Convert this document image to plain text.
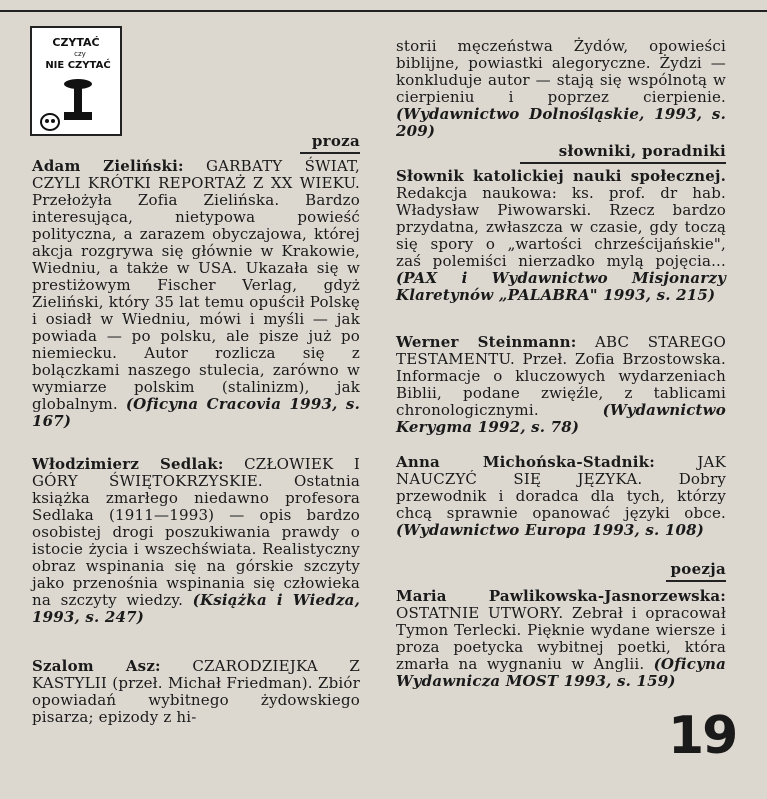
CZYTAĆ
czy
NIE CZYTAĆ
proza

Adam Zieliński: GARBATY ŚWIAT, CZYLI KRÓTKI REPORTAŻ Z XX WIEKU. Przełożyła Zofia Zielińska. Bardzo interesująca, nietypowa powieść polityczna, a zarazem obyczajowa, której akcja rozgrywa się głównie w Krakowie, Wiedniu, a także w USA. Ukazała się w prestiżowym Fischer Verlag, gdyż Zieliński, który 35 lat temu opuścił Polskę i osiadł w Wiedniu, mówi i myśli — jak powiada — po polsku, ale pisze już po niemiecku. Autor rozlicza się z bolączkami naszego stulecia, zarówno w wymiarze polskim (stalinizm), jak globalnym. (Oficyna Cracovia 1993, s. 167)

Włodzimierz Sedlak: CZŁOWIEK I GÓRY ŚWIĘTOKRZYSKIE. Ostatnia książka zmarłego niedawno profesora Sedlaka (1911—1993) — opis bardzo osobistej drogi poszukiwania prawdy o istocie życia i wszechświata. Realistyczny obraz wspinania się na górskie szczyty jako przenośnia wspinania się człowieka na szczyty wiedzy. (Książka i Wiedza, 1993, s. 247)

Szalom Asz: CZARODZIEJKA Z KASTYLII (przeł. Michał Friedman). Zbiór opowiadań wybitnego żydowskiego pisarza; epizody z hi-

storii męczeństwa Żydów, opowieści biblijne, powiastki alegoryczne. Żydzi — konkluduje autor — stają się wspólnotą w cierpieniu i poprzez cierpienie. (Wydawnictwo Dolnośląskie, 1993, s. 209)

słowniki, poradniki

Słownik katolickiej nauki społecznej. Redakcja naukowa: ks. prof. dr hab. Władysław Piwowarski. Rzecz bardzo przydatna, zwłaszcza w czasie, gdy toczą się spory o „wartości chrześcijańskie", zaś polemiści nierzadko mylą pojęcia... (PAX i Wydawnictwo Misjonarzy Klaretynów „PALABRA" 1993, s. 215)

Werner Steinmann: ABC STAREGO TESTAMENTU. Przeł. Zofia Brzostowska. Informacje o kluczowych wydarzeniach Biblii, podane zwięźle, z tablicami chronologicznymi.	(Wydawnictwo Kerygma 1992, s. 78)

Anna Michońska-Stadnik:	JAK NAUCZYĆ SIĘ JĘZYKA. Dobry przewodnik i doradca dla tych, którzy chcą sprawnie opanować języki obce. (Wydawnictwo Europa 1993, s. 108)

poezja

Maria Pawlikowska-Jasnorzewska: OSTATNIE UTWORY. Zebrał i opracował Tymon Terlecki. Pięknie wydane wiersze i proza poetycka wybitnej poetki, która zmarła na wygnaniu w Anglii. (Oficyna Wydawnicza MOST 1993, s. 159)

19
